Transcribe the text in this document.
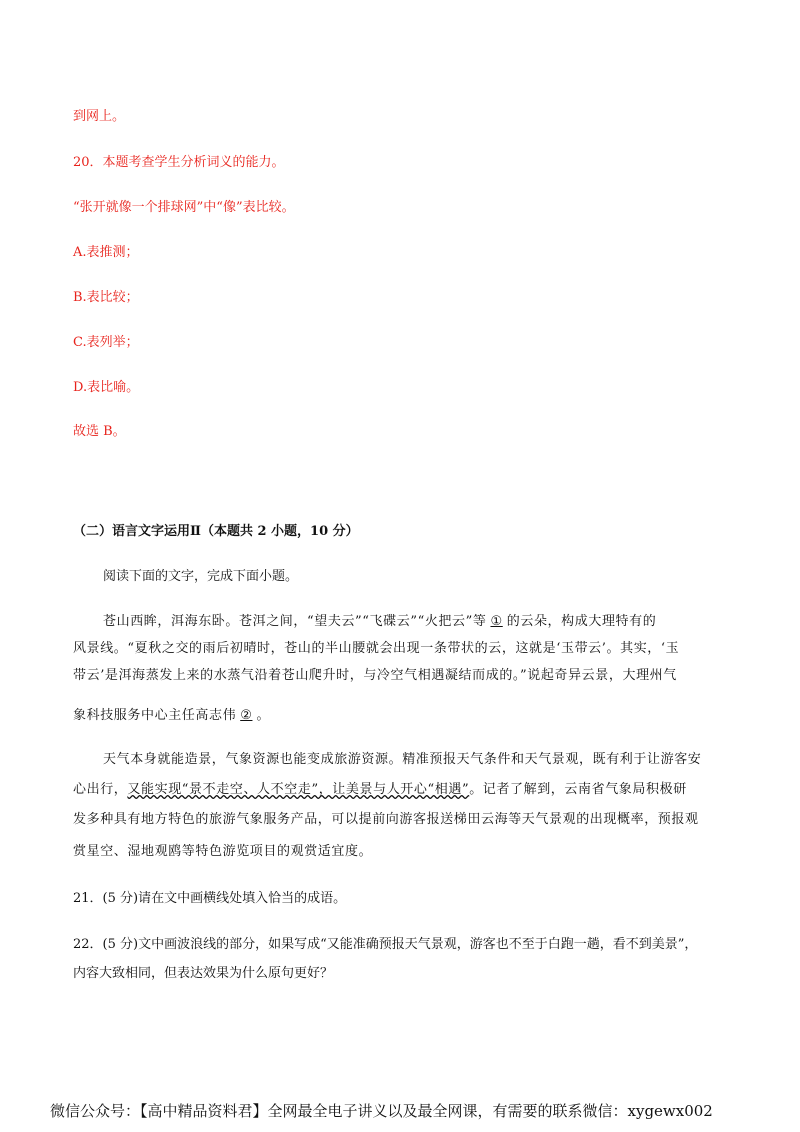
到网上。
20．本题考查学生分析词义的能力。
“张开就像一个排球网”中“像”表比较。
A.表推测；
B.表比较；
C.表列举；
D.表比喻。
故选 B。
（二）语言文字运用Ⅱ（本题共 2 小题，10 分）
阅读下面的文字，完成下面小题。
苍山西眸，洱海东卧。苍洱之间，“望夫云”“飞碟云”“火把云”等 ① 的云朵，构成大理特有的
风景线。“夏秋之交的雨后初晴时，苍山的半山腰就会出现一条带状的云，这就是‘玉带云’。其实，‘玉
带云’是洱海蒸发上来的水蒸气沿着苍山爬升时，与冷空气相遇凝结而成的。”说起奇异云景，大理州气
象科技服务中心主任高志伟 ② 。
天气本身就能造景，气象资源也能变成旅游资源。精准预报天气条件和天气景观，既有利于让游客安
心出行，又能实现“景不走空、人不空走”，让美景与人开心“相遇”。记者了解到，云南省气象局积极研
发多种具有地方特色的旅游气象服务产品，可以提前向游客报送梯田云海等天气景观的出现概率，预报观
赏星空、湿地观鸥等特色游览项目的观赏适宜度。
21．(5 分)请在文中画横线处填入恰当的成语。
22．(5 分)文中画波浪线的部分，如果写成“又能准确预报天气景观，游客也不至于白跑一趟，看不到美景”，
内容大致相同，但表达效果为什么原句更好？
微信公众号：【高中精品资料君】全网最全电子讲义以及最全网课，有需要的联系微信：xygewx002
